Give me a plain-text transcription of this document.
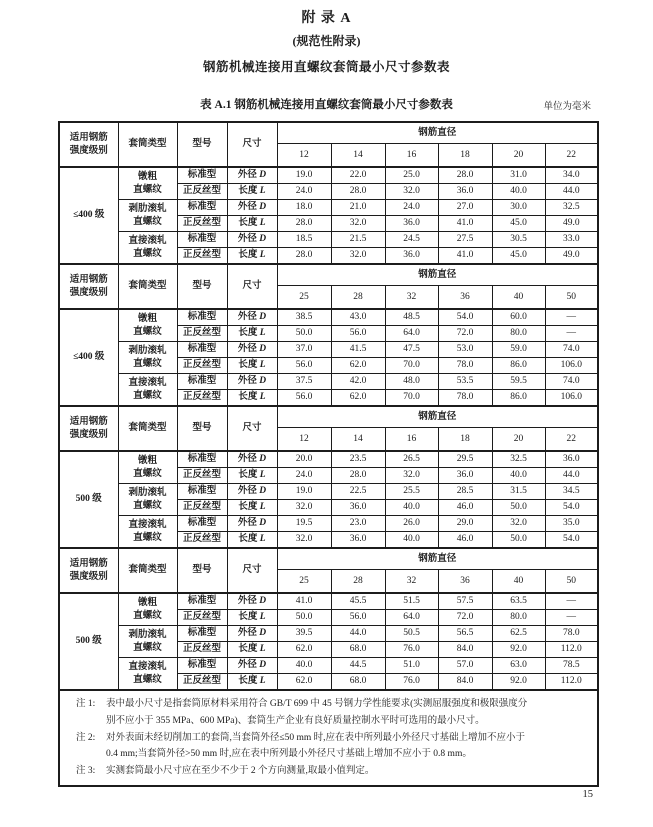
附 录 A
(规范性附录)
钢筋机械连接用直螺纹套筒最小尺寸参数表
表 A.1 钢筋机械连接用直螺纹套筒最小尺寸参数表	单位为毫米
适用钢筋
强度级别	套筒类型	型号	尺寸	钢筋直径					
				12	14	16	18	20	22
≤400 级	镦粗
直螺纹	标准型	外径 D	19.0	22.0	25.0	28.0	31.0	34.0
		正反丝型	长度 L	24.0	28.0	32.0	36.0	40.0	44.0
	剥肋滚轧
直螺纹	标准型	外径 D	18.0	21.0	24.0	27.0	30.0	32.5
		正反丝型	长度 L	28.0	32.0	36.0	41.0	45.0	49.0
	直接滚轧
直螺纹	标准型	外径 D	18.5	21.5	24.5	27.5	30.5	33.0
		正反丝型	长度 L	28.0	32.0	36.0	41.0	45.0	49.0
适用钢筋
强度级别	套筒类型	型号	尺寸	钢筋直径					
				25	28	32	36	40	50
≤400 级	镦粗
直螺纹	标准型	外径 D	38.5	43.0	48.5	54.0	60.0	—
		正反丝型	长度 L	50.0	56.0	64.0	72.0	80.0	—
	剥肋滚轧
直螺纹	标准型	外径 D	37.0	41.5	47.5	53.0	59.0	74.0
		正反丝型	长度 L	56.0	62.0	70.0	78.0	86.0	106.0
	直接滚轧
直螺纹	标准型	外径 D	37.5	42.0	48.0	53.5	59.5	74.0
		正反丝型	长度 L	56.0	62.0	70.0	78.0	86.0	106.0
适用钢筋
强度级别	套筒类型	型号	尺寸	钢筋直径					
				12	14	16	18	20	22
500 级	镦粗
直螺纹	标准型	外径 D	20.0	23.5	26.5	29.5	32.5	36.0
		正反丝型	长度 L	24.0	28.0	32.0	36.0	40.0	44.0
	剥肋滚轧
直螺纹	标准型	外径 D	19.0	22.5	25.5	28.5	31.5	34.5
		正反丝型	长度 L	32.0	36.0	40.0	46.0	50.0	54.0
	直接滚轧
直螺纹	标准型	外径 D	19.5	23.0	26.0	29.0	32.0	35.0
		正反丝型	长度 L	32.0	36.0	40.0	46.0	50.0	54.0
适用钢筋
强度级别	套筒类型	型号	尺寸	钢筋直径					
				25	28	32	36	40	50
500 级	镦粗
直螺纹	标准型	外径 D	41.0	45.5	51.5	57.5	63.5	—
		正反丝型	长度 L	50.0	56.0	64.0	72.0	80.0	—
	剥肋滚轧
直螺纹	标准型	外径 D	39.5	44.0	50.5	56.5	62.5	78.0
		正反丝型	长度 L	62.0	68.0	76.0	84.0	92.0	112.0
	直接滚轧
直螺纹	标准型	外径 D	40.0	44.5	51.0	57.0	63.0	78.5
		正反丝型	长度 L	62.0	68.0	76.0	84.0	92.0	112.0

注 1:	表中最小尺寸是指套筒原材料采用符合 GB/T 699 中 45 号钢力学性能要求(实测屈服强度和极限强度分
别不应小于 355 MPa、600 MPa)、套筒生产企业有良好质量控制水平时可选用的最小尺寸。
注 2:	对外表面未经切削加工的套筒,当套筒外径≤50 mm 时,应在表中所列最小外径尺寸基础上增加不应小于
0.4 mm;当套筒外径>50 mm 时,应在表中所列最小外径尺寸基础上增加不应小于 0.8 mm。
注 3:	实测套筒最小尺寸应在至少不少于 2 个方向测量,取最小值判定。
15
